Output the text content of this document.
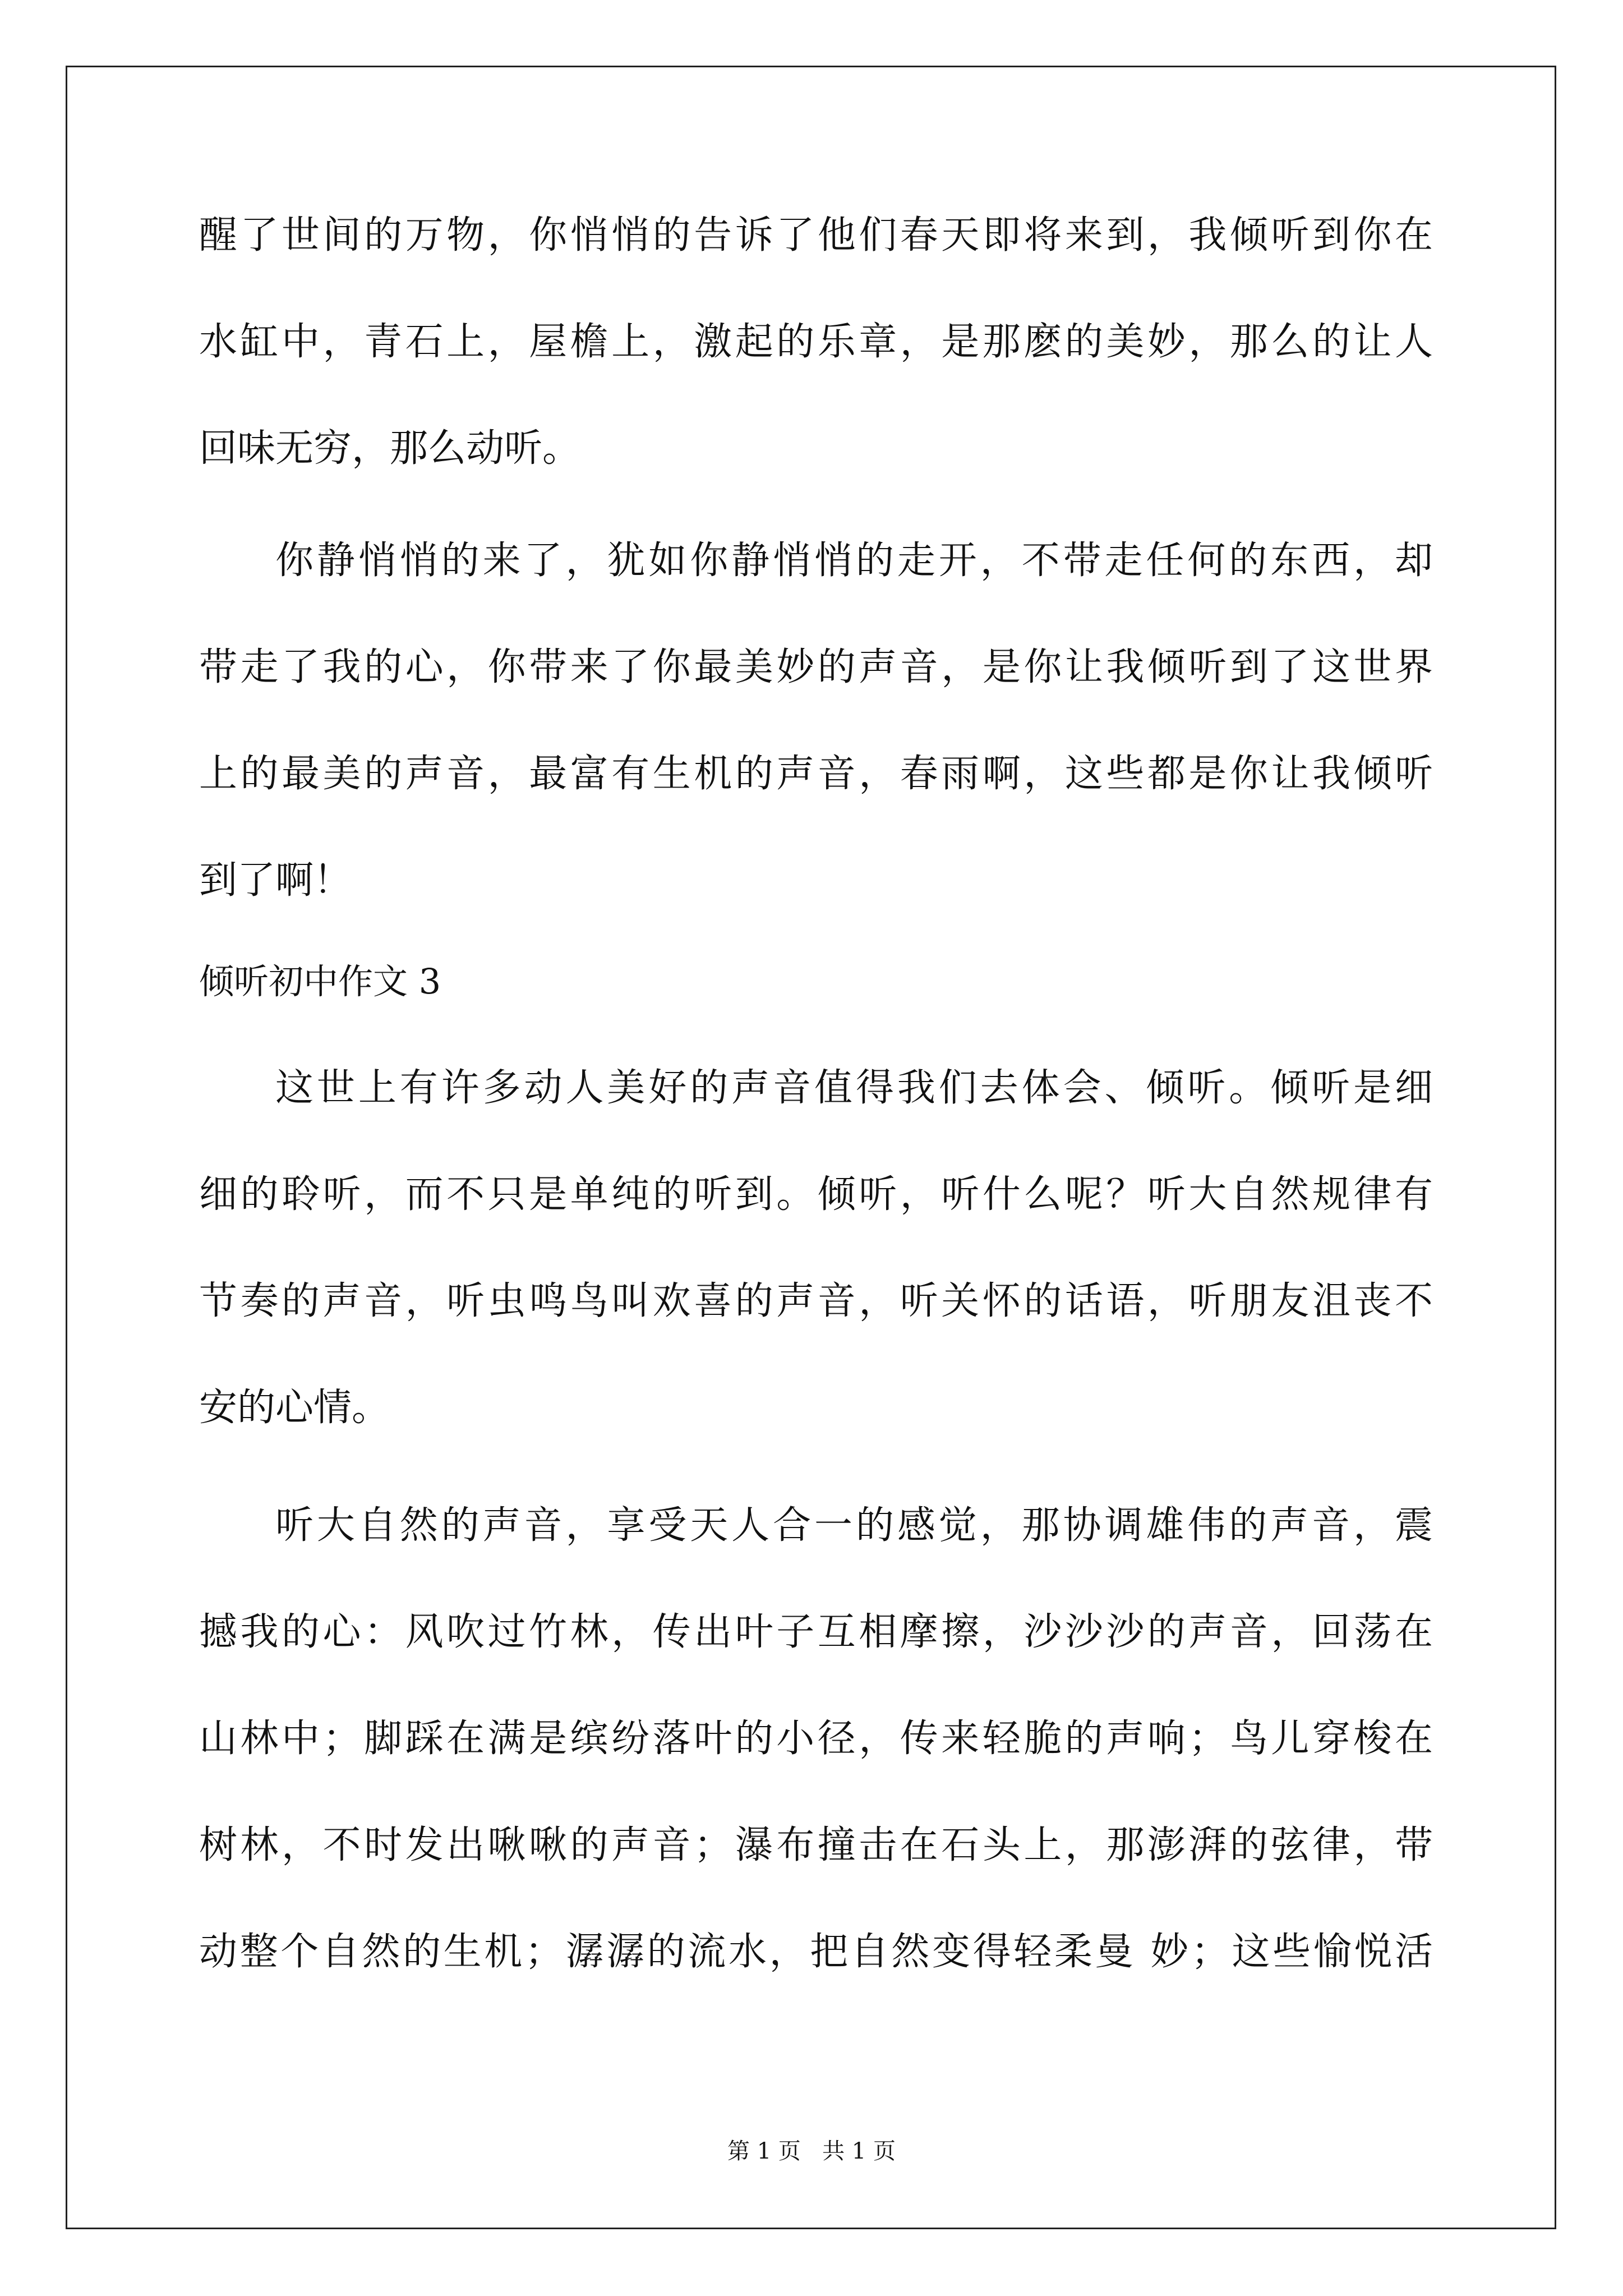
醒了世间的万物，你悄悄的告诉了他们春天即将来到，我倾听到你在
水缸中，青石上，屋檐上，激起的乐章，是那麽的美妙，那么的让人
回味无穷，那么动听。
你静悄悄的来了，犹如你静悄悄的走开，不带走任何的东西，却
带走了我的心，你带来了你最美妙的声音，是你让我倾听到了这世界
上的最美的声音，最富有生机的声音，春雨啊，这些都是你让我倾听
到了啊！
倾听初中作文 3
这世上有许多动人美好的声音值得我们去体会、倾听。倾听是细
细的聆听，而不只是单纯的听到。倾听，听什么呢？听大自然规律有
节奏的声音，听虫鸣鸟叫欢喜的声音，听关怀的话语，听朋友沮丧不
安的心情。
听大自然的声音，享受天人合一的感觉，那协调雄伟的声音，震
撼我的心：风吹过竹林，传出叶子互相摩擦，沙沙沙的声音，回荡在
山林中；脚踩在满是缤纷落叶的小径，传来轻脆的声响；鸟儿穿梭在
树林，不时发出啾啾的声音；瀑布撞击在石头上，那澎湃的弦律，带
动整个自然的生机；潺潺的流水，把自然变得轻柔曼 妙；这些愉悦活
第 1 页   共 1 页
